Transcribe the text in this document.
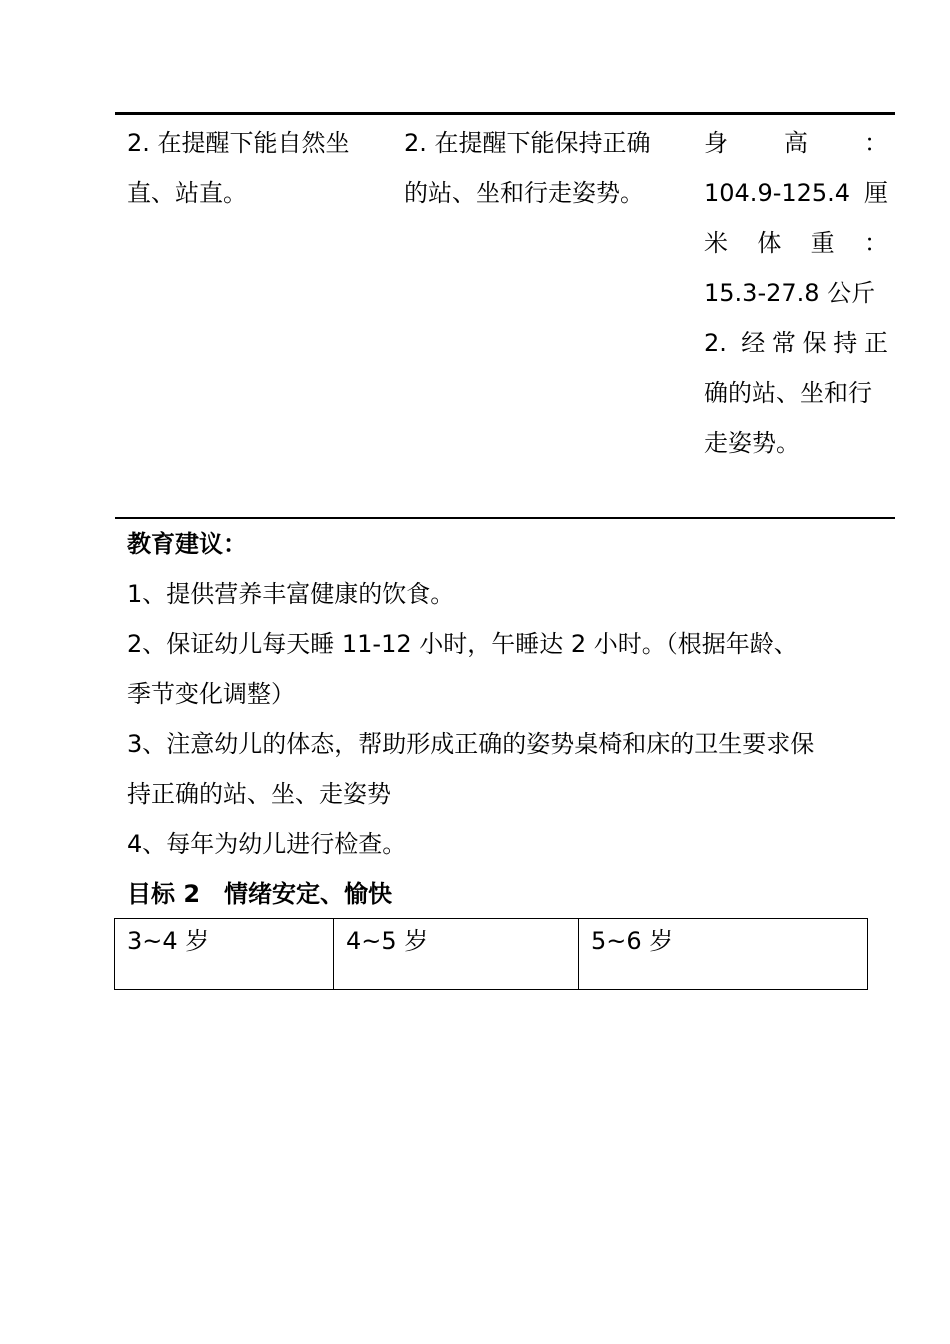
2. 在提醒下能自然坐
直、站直。
2. 在提醒下能保持正确
的站、坐和行走姿势。
身　　高　　：
104.9-125.4 厘
米　体　重　：
15.3-27.8 公斤
2. 经常保持正
确的站、坐和行
走姿势。
教育建议：
1、提供营养丰富健康的饮食。
2、保证幼儿每天睡 11-12 小时，午睡达 2 小时。（根据年龄、
季节变化调整）
3、注意幼儿的体态，帮助形成正确的姿势桌椅和床的卫生要求保
持正确的站、坐、走姿势
4、每年为幼儿进行检查。
目标 2　情绪安定、愉快
3~4 岁	4~5 岁	5~6 岁
